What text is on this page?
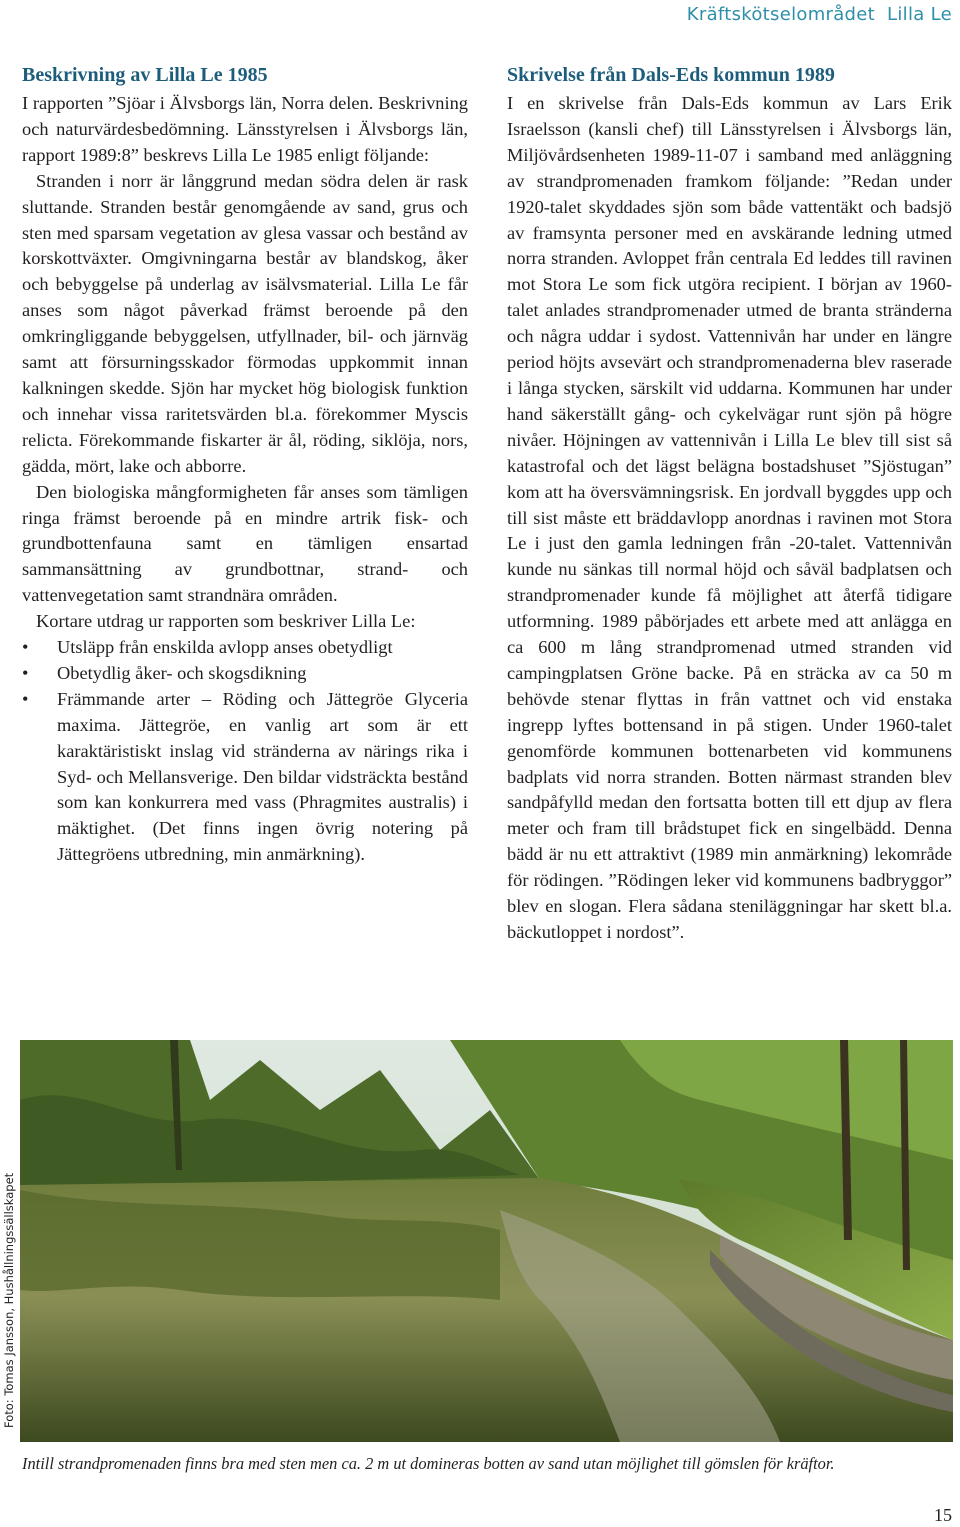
Kräftskötselområdet Lilla Le
Beskrivning av Lilla Le 1985

I rapporten ”Sjöar i Älvsborgs län, Norra delen. Beskrivning och naturvärdesbedömning. Länsstyrelsen i Älvsborgs län, rapport 1989:8” beskrevs Lilla Le 1985 enligt följande:

Stranden i norr är långgrund medan södra delen är rask sluttande. Stranden består genomgående av sand, grus och sten med sparsam vegetation av glesa vassar och bestånd av korskottväxter. Omgivningarna består av blandskog, åker och bebyggelse på underlag av isälvsmaterial. Lilla Le får anses som något påverkad främst beroende på den omkringliggande bebyggelsen, utfyllnader, bil- och järnväg samt att försurningsskador förmodas uppkommit innan kalkningen skedde. Sjön har mycket hög biologisk funktion och innehar vissa raritetsvärden bl.a. förekommer Myscis relicta. Förekommande fiskarter är ål, röding, siklöja, nors, gädda, mört, lake och abborre.

Den biologiska mångformigheten får anses som tämligen ringa främst beroende på en mindre artrik fisk- och grundbottenfauna samt en tämligen ensartad sammansättning av grundbottnar, strand- och vattenvegetation samt strandnära områden.

Kortare utdrag ur rapporten som beskriver Lilla Le:

• Utsläpp från enskilda avlopp anses obetydligt
• Obetydlig åker- och skogsdikning
• Främmande arter – Röding och Jättegröe Glyceria maxima. Jättegröe, en vanlig art som är ett karaktäristiskt inslag vid stränderna av närings rika i Syd- och Mellansverige. Den bildar vidsträckta bestånd som kan konkurrera med vass (Phragmites australis) i mäktighet. (Det finns ingen övrig notering på Jättegröens utbredning, min anmärkning).
Skrivelse från Dals-Eds kommun 1989

I en skrivelse från Dals-Eds kommun av Lars Erik Israelsson (kansli chef) till Länsstyrelsen i Älvsborgs län, Miljövårdsenheten 1989-11-07 i samband med anläggning av strandpromenaden framkom följande: ”Redan under 1920-talet skyddades sjön som både vattentäkt och badsjö av framsynta personer med en avskärande ledning utmed norra stranden. Avloppet från centrala Ed leddes till ravinen mot Stora Le som fick utgöra recipient. I början av 1960-talet anlades strandpromenader utmed de branta stränderna och några uddar i sydost. Vattennivån har under en längre period höjts avsevärt och strandpromenaderna blev raserade i långa stycken, särskilt vid uddarna. Kommunen har under hand säkerställt gång- och cykelvägar runt sjön på högre nivåer. Höjningen av vattennivån i Lilla Le blev till sist så katastrofal och det lägst belägna bostadshuset ”Sjöstugan” kom att ha översvämningsrisk. En jordvall byggdes upp och till sist måste ett bräddavlopp anordnas i ravinen mot Stora Le i just den gamla ledningen från -20-talet. Vattennivån kunde nu sänkas till normal höjd och såväl badplatsen och strandpromenader kunde få möjlighet att återfå tidigare utformning. 1989 påbörjades ett arbete med att anlägga en ca 600 m lång strandpromenad utmed stranden vid campingplatsen Gröne backe. På en sträcka av ca 50 m behövde stenar flyttas in från vattnet och vid enstaka ingrepp lyftes bottensand in på stigen. Under 1960-talet genomförde kommunen bottenarbeten vid kommunens badplats vid norra stranden. Botten närmast stranden blev sandpåfylld medan den fortsatta botten till ett djup av flera meter och fram till brådstupet fick en singelbädd. Denna bädd är nu ett attraktivt (1989 min anmärkning) lekområde för rödingen. ”Rödingen leker vid kommunens badbryggor” blev en slogan. Flera sådana steniläggningar har skett bl.a. bäckutloppet i nordost”.

Foto: Tomas Jansson, Hushållningssällskapet
Intill strandpromenaden finns bra med sten men ca. 2 m ut domineras botten av sand utan möjlighet till gömslen för kräftor.
15
